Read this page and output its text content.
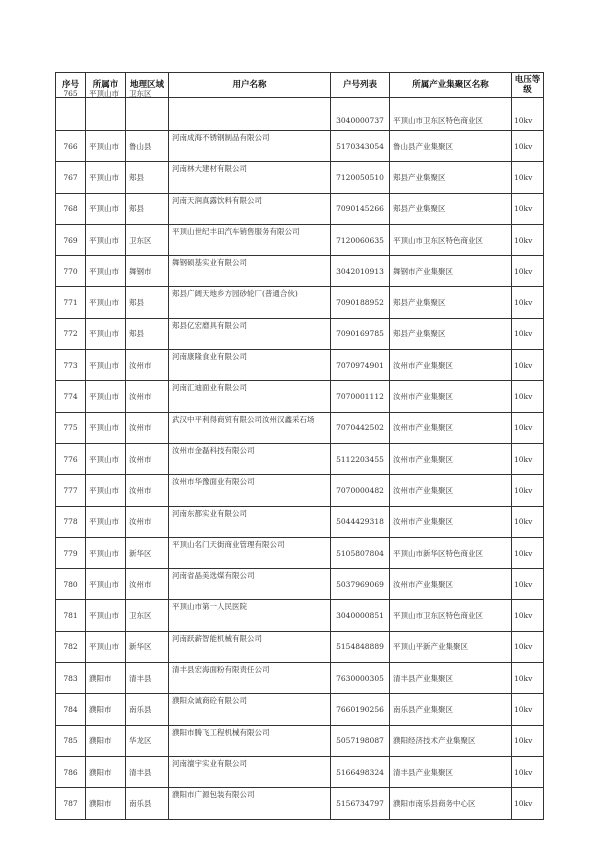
序号	所属市	地理区域	用户名称	户号列表	所属产业集聚区名称	电压等级

765	平顶山市	卫东区		3040000737	平顶山市卫东区特色商业区	10kv
766	平顶山市	鲁山县	河南成海不锈钢制品有限公司	5170343054	鲁山县产业集聚区	10kv
767	平顶山市	郏县	河南林大建材有限公司	7120050510	郏县产业集聚区	10kv
768	平顶山市	郏县	河南天润真露饮料有限公司	7090145266	郏县产业集聚区	10kv
769	平顶山市	卫东区	平顶山世纪丰田汽车销售服务有限公司	7120060635	平顶山市卫东区特色商业区	10kv
770	平顶山市	舞钢市	舞钢硕基实业有限公司	3042010913	舞钢市产业集聚区	10kv
771	平顶山市	郏县	郏县广阔天地乡方园砂轮厂(普通合伙)	7090188952	郏县产业集聚区	10kv
772	平顶山市	郏县	郏县亿宏磨具有限公司	7090169785	郏县产业集聚区	10kv
773	平顶山市	汝州市	河南康隆食业有限公司	7070974901	汝州市产业集聚区	10kv
774	平顶山市	汝州市	河南汇迪面业有限公司	7070001112	汝州市产业集聚区	10kv
775	平顶山市	汝州市	武汉中平利得商贸有限公司汝州汉鑫采石场	7070442502	汝州市产业集聚区	10kv
776	平顶山市	汝州市	汝州市金磊科技有限公司	5112203455	汝州市产业集聚区	10kv
777	平顶山市	汝州市	汝州市华豫面业有限公司	7070000482	汝州市产业集聚区	10kv
778	平顶山市	汝州市	河南东都实业有限公司	5044429318	汝州市产业集聚区	10kv
779	平顶山市	新华区	平顶山名门天街商业管理有限公司	5105807804	平顶山市新华区特色商业区	10kv
780	平顶山市	汝州市	河南省晶美选煤有限公司	5037969069	汝州市产业集聚区	10kv
781	平顶山市	卫东区	平顶山市第一人民医院	3040000851	平顶山市卫东区特色商业区	10kv
782	平顶山市	新华区	河南跃薪智能机械有限公司	5154848889	平顶山平新产业集聚区	10kv
783	濮阳市	清丰县	清丰县宏海面粉有限责任公司	7630000305	清丰县产业集聚区	10kv
784	濮阳市	南乐县	濮阳众诚商砼有限公司	7660190256	南乐县产业集聚区	10kv
785	濮阳市	华龙区	濮阳市腾飞工程机械有限公司	5057198087	濮阳经济技术产业集聚区	10kv
786	濮阳市	清丰县	河南澶宇实业有限公司	5166498324	清丰县产业集聚区	10kv
787	濮阳市	南乐县	濮阳市广源包装有限公司	5156734797	濮阳市南乐县商务中心区	10kv
